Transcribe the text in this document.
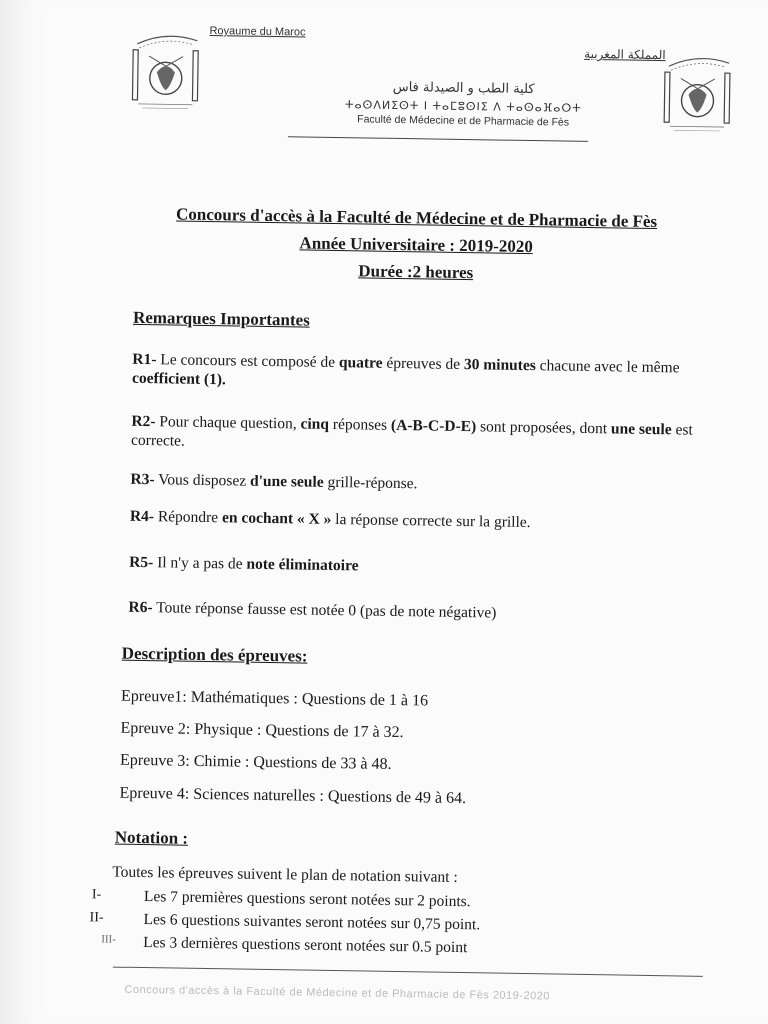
Royaume du Maroc
المملكة المغربية
كلية الطب و الصيدلة فاس
ⵜⴰⵙⴷⵍⵉⵙⵜ ⵏ ⵜⴰⵎⵓⵙⵏⵉ ⴷ ⵜⴰⵙⴰⴼⴰⵔⵜ
Faculté de Médecine et de Pharmacie de Fès
Concours d'accès à la Faculté de Médecine et de Pharmacie de Fès
Année Universitaire : 2019-2020
Durée :2 heures
Remarques Importantes
R1- Le concours est composé de quatre épreuves de 30 minutes chacune avec le même coefficient (1).
R2- Pour chaque question, cinq réponses (A-B-C-D-E) sont proposées, dont une seule est correcte.
R3- Vous disposez d'une seule grille-réponse.
R4- Répondre en cochant « X » la réponse correcte sur la grille.
R5- Il n'y a pas de note éliminatoire
R6- Toute réponse fausse est notée 0 (pas de note négative)
Description des épreuves:
Epreuve1: Mathématiques : Questions de 1 à 16
Epreuve 2: Physique : Questions de 17 à 32.
Epreuve 3: Chimie : Questions de 33 à 48.
Epreuve 4: Sciences naturelles : Questions de 49 à 64.
Notation :
Toutes les épreuves suivent le plan de notation suivant :
I-	Les 7 premières questions seront notées sur 2 points.
II-	Les 6 questions suivantes seront notées sur 0,75 point.
III- Les 3 dernières questions seront notées sur 0.5 point
Concours d'accès à la Faculté de Médecine et de Pharmacie de Fès 2019-2020
